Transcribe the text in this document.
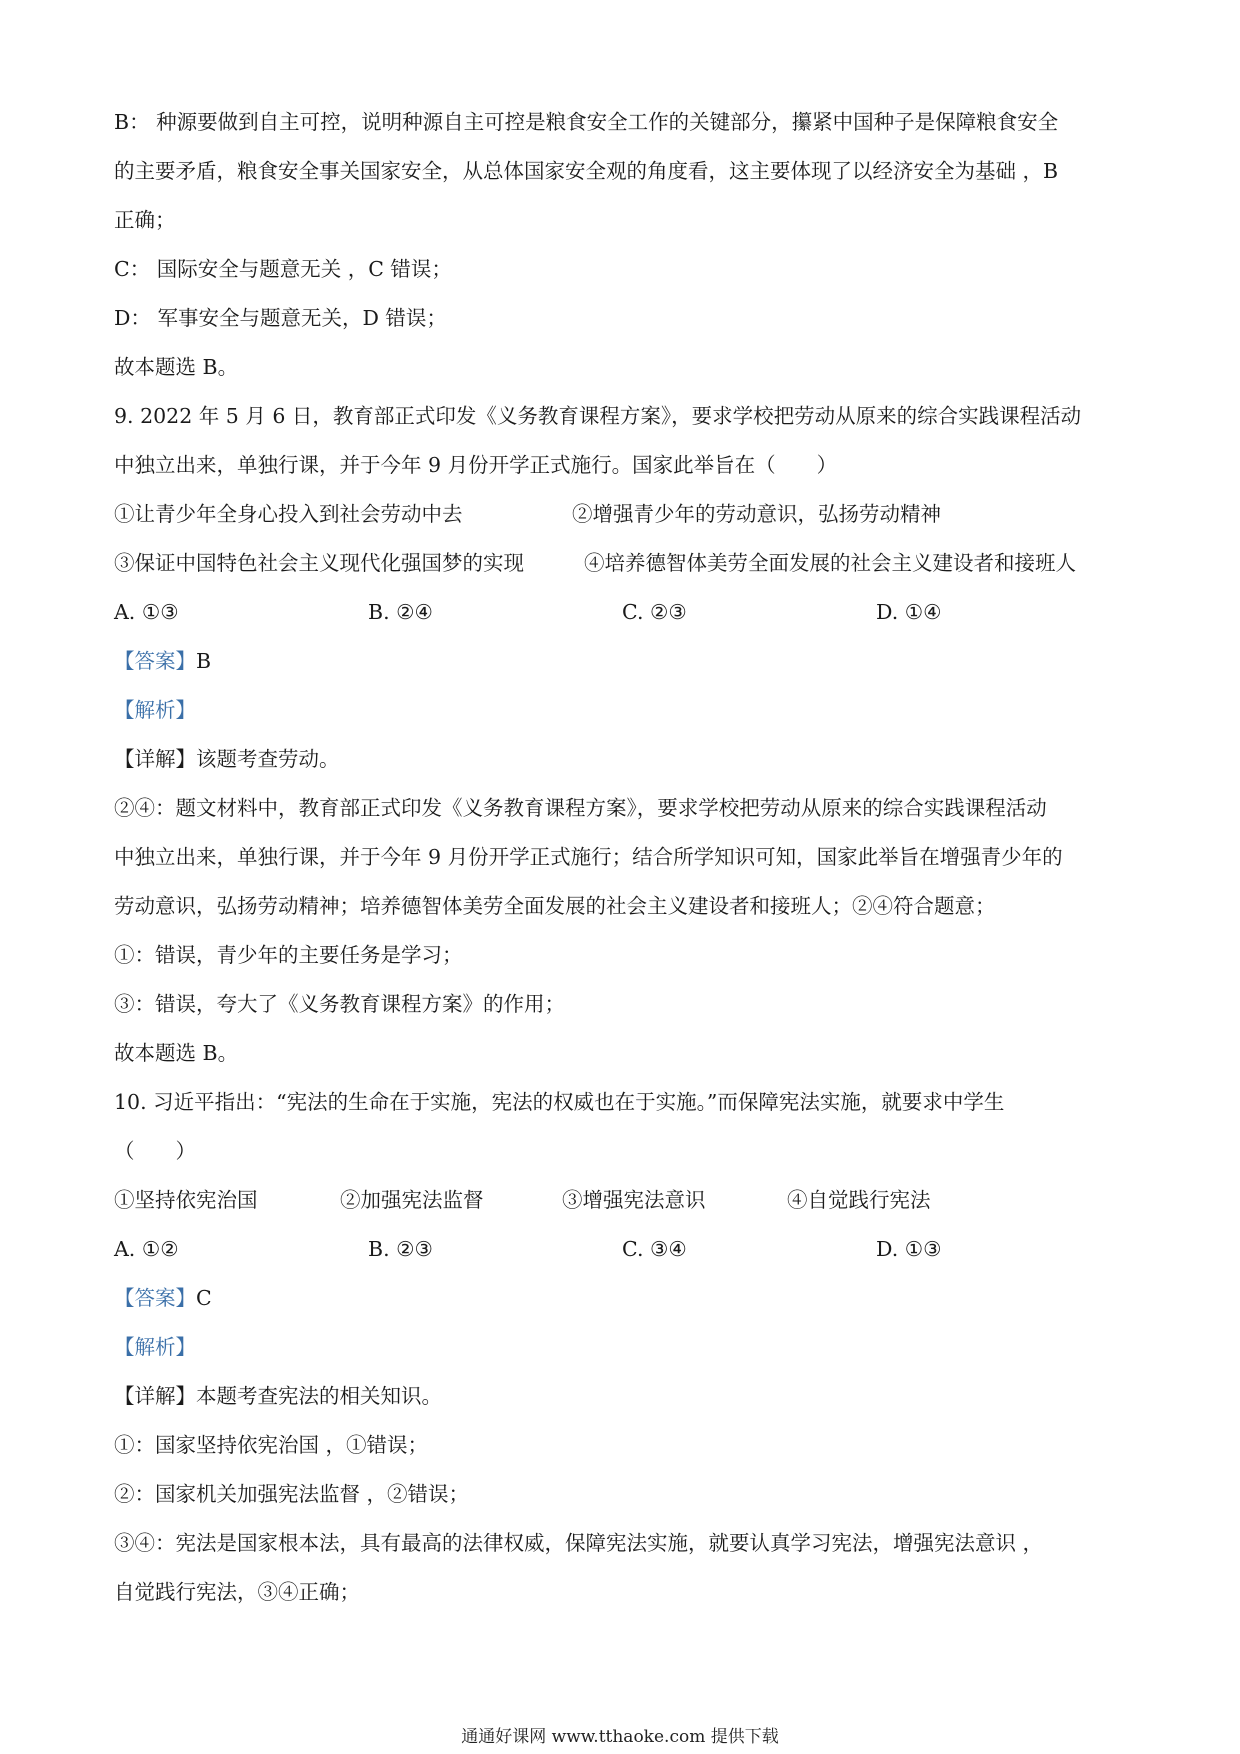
B： 种源要做到自主可控，说明种源自主可控是粮食安全工作的关键部分，攥紧中国种子是保障粮食安全

的主要矛盾，粮食安全事关国家安全，从总体国家安全观的角度看，这主要体现了以经济安全为基础 ，B

正确；

C： 国际安全与题意无关 ，C 错误；

D： 军事安全与题意无关，D 错误；

故本题选 B。

9. 2022 年 5 月 6 日，教育部正式印发《义务教育课程方案》，要求学校把劳动从原来的综合实践课程活动

中独立出来，单独行课，并于今年 9 月份开学正式施行。国家此举旨在（　　）

①让青少年全身心投入到社会劳动中去	②增强青少年的劳动意识，弘扬劳动精神
③保证中国特色社会主义现代化强国梦的实现	④培养德智体美劳全面发展的社会主义建设者和接班人
A. ①③	B. ②④	C. ②③	D. ①④

【答案】B

【解析】

【详解】该题考查劳动。

②④：题文材料中，教育部正式印发《义务教育课程方案》，要求学校把劳动从原来的综合实践课程活动

中独立出来，单独行课，并于今年 9 月份开学正式施行；结合所学知识可知，国家此举旨在增强青少年的

劳动意识，弘扬劳动精神；培养德智体美劳全面发展的社会主义建设者和接班人；②④符合题意；

①：错误，青少年的主要任务是学习；

③：错误，夸大了《义务教育课程方案》的作用；

故本题选 B。

10. 习近平指出：“宪法的生命在于实施，宪法的权威也在于实施。”而保障宪法实施，就要求中学生

（　　）

①坚持依宪治国	②加强宪法监督	③增强宪法意识	④自觉践行宪法
A. ①②	B. ②③	C. ③④	D. ①③

【答案】C

【解析】

【详解】本题考查宪法的相关知识。

①：国家坚持依宪治国 ，①错误；

②：国家机关加强宪法监督 ，②错误；

③④：宪法是国家根本法，具有最高的法律权威，保障宪法实施，就要认真学习宪法，增强宪法意识 ，

自觉践行宪法，③④正确；

通通好课网 www.tthaoke.com 提供下载
